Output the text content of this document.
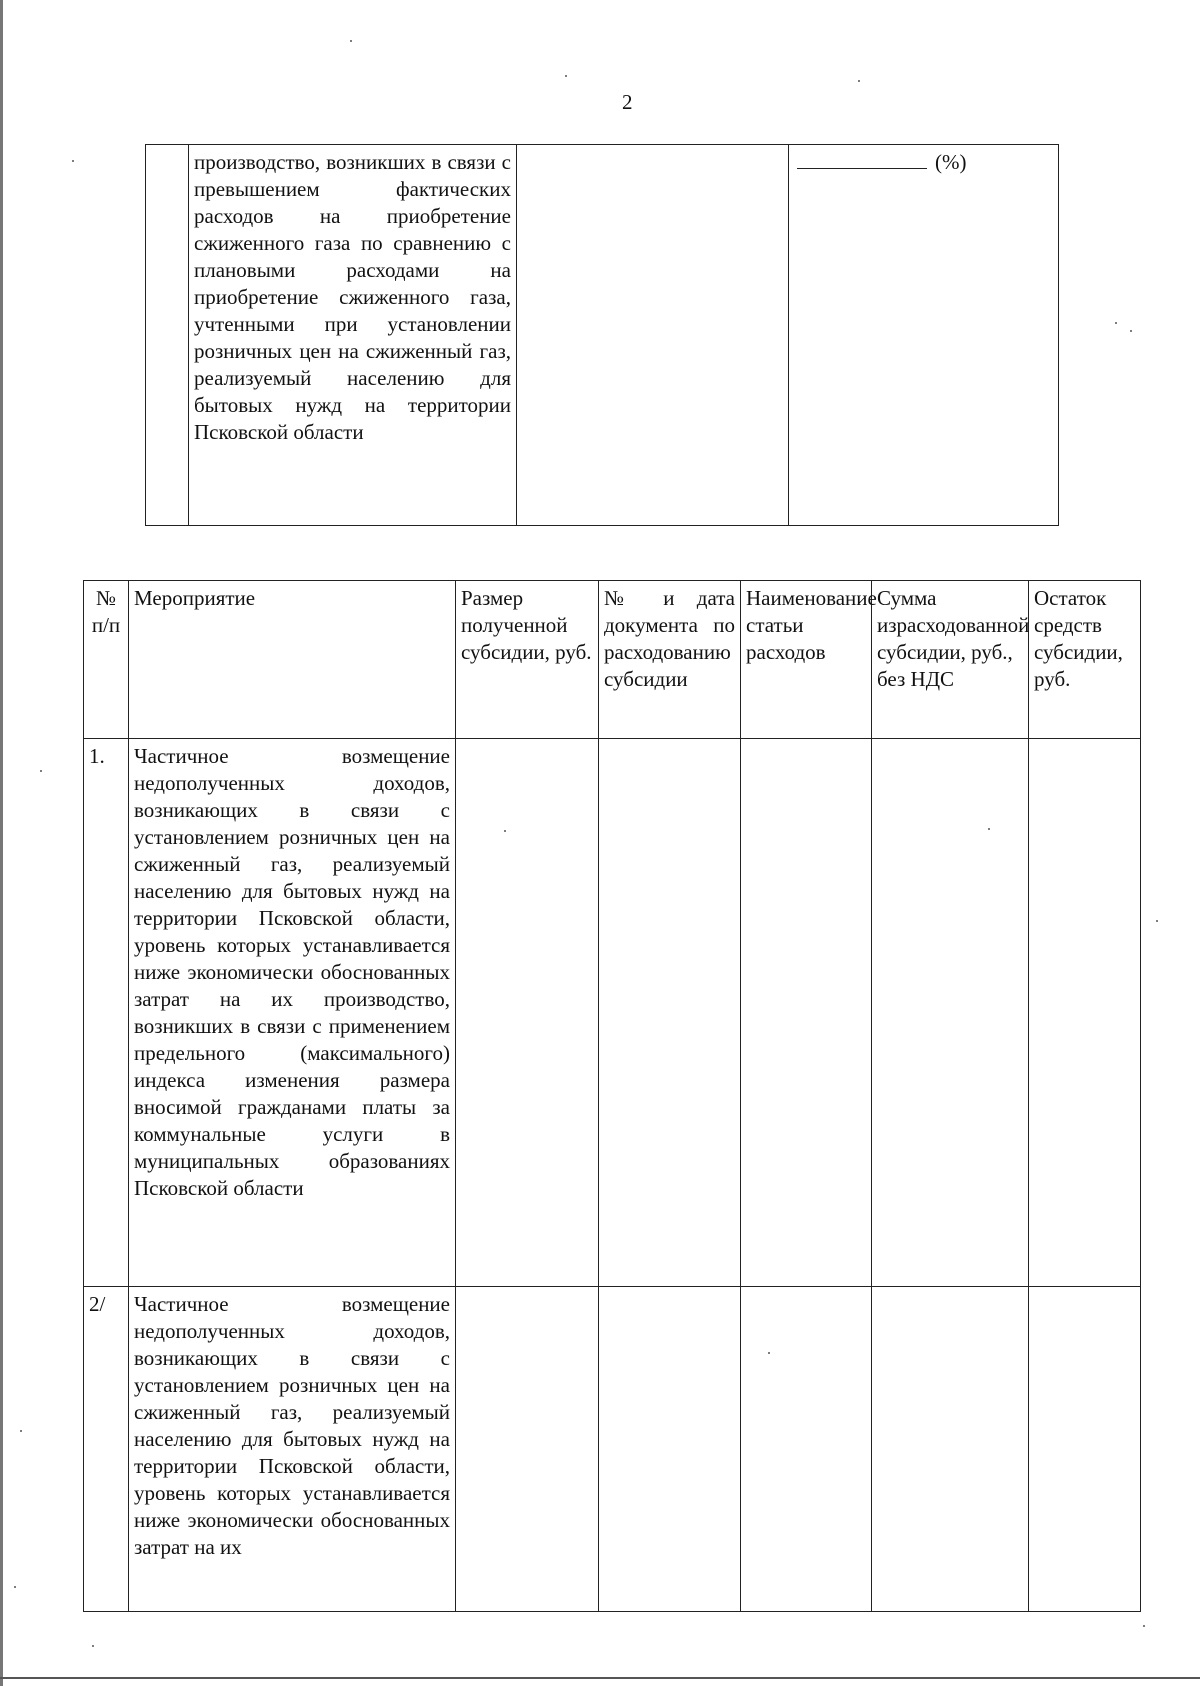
2
	производство, возникших в связи с превышением фактических расходов на приобретение сжиженного газа по сравнению с плановыми расходами на приобретение сжиженного газа, учтенными при установлении розничных цен на сжиженный газ, реализуемый населению для бытовых нужд на территории Псковской области		(%)
№ п/п	Мероприятие	Размер полученной субсидии, руб.	№ и дата документа по расходованию субсидии	Наименование статьи расходов	Сумма израсходованной субсидии, руб., без НДС	Остаток средств субсидии, руб.
1.	Частичное возмещение недополученных доходов, возникающих в связи с установлением розничных цен на сжиженный газ, реализуемый населению для бытовых нужд на территории Псковской области, уровень которых устанавливается ниже экономически обоснованных затрат на их производство, возникших в связи с применением предельного (максимального) индекса изменения размера вносимой гражданами платы за коммунальные услуги в муниципальных образованиях Псковской области					
2/	Частичное возмещение недополученных доходов, возникающих в связи с установлением розничных цен на сжиженный газ, реализуемый населению для бытовых нужд на территории Псковской области, уровень которых устанавливается ниже экономически обоснованных затрат на их					
